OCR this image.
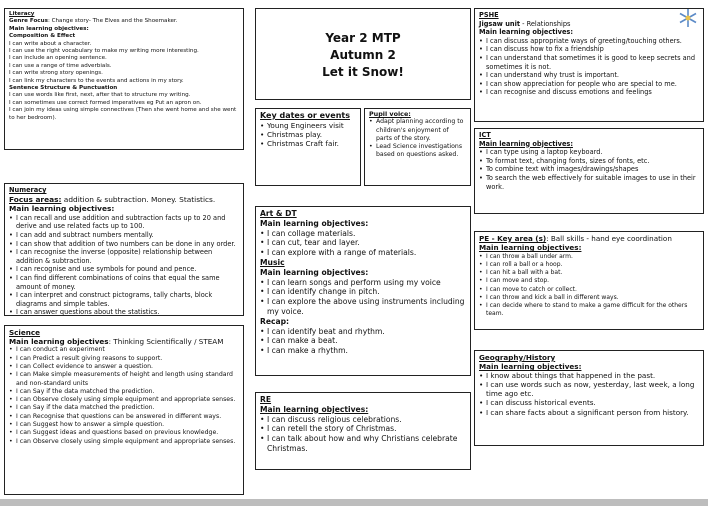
Literacy
Genre Focus: Change story- The Elves and the Shoemaker.
Main learning objectives:
Composition & Effect
I can write about a character.
I can use the right vocabulary to make my writing more interesting.
I can include an opening sentence.
I can use a range of time adverbials.
I can write strong story openings.
I can link my characters to the events and actions in my story.
Sentence Structure & Punctuation
I can use words like first, next, after that to structure my writing.
I can sometimes use correct formed imperatives eg Put an apron on.
I can join my ideas using simple connectives (Then she went home and she went to her bedroom).
Year 2 MTP
Autumn 2
Let it Snow!
Key dates or events
• Young Engineers visit
• Christmas play.
• Christmas Craft fair.
Pupil voice:
• Adapt planning according to children's enjoyment of parts of the story.
• Lead Science investigations based on questions asked.
PSHE
Jigsaw unit - Relationships
Main learning objectives:
• I can discuss appropriate ways of greeting/touching others.
• I can discuss how to fix a friendship
• I can understand that sometimes it is good to keep secrets and sometimes it is not.
• I can understand why trust is important.
• I can show appreciation for people who are special to me.
• I can recognise and discuss emotions and feelings
ICT
Main learning objectives:
• I can type using a laptop keyboard.
• To format text, changing fonts, sizes of fonts, etc.
• To combine text with images/drawings/shapes
• To search the web effectively for suitable images to use in their work.
Numeracy
Focus areas: addition & subtraction. Money. Statistics.
Main learning objectives:
• I can recall and use addition and subtraction facts up to 20 and derive and use related facts up to 100.
• I can add and subtract numbers mentally.
• I can show that addition of two numbers can be done in any order.
• I can recognise the inverse (opposite) relationship between addition & subtraction.
• I can recognise and use symbols for pound and pence.
• I can find different combinations of coins that equal the same amount of money.
• I can interpret and construct pictograms, tally charts, block diagrams and simple tables.
• I can answer questions about the statistics.
Art & DT
Main learning objectives:
• I can collage materials.
• I can cut, tear and layer.
• I can explore with a range of materials.
Music
Main learning objectives:
• I can learn songs and perform using my voice
• I can identify change in pitch.
• I can explore the above using instruments including my voice.
Recap:
• I can identify beat and rhythm.
• I can make a beat.
• I can make a rhythm.
PE - Key area (s): Ball skills - hand eye coordination
Main learning objectives:
• I can throw a ball under arm.
• I can roll a ball or a hoop.
• I can hit a ball with a bat.
• I can move and stop.
• I can move to catch or collect.
• I can throw and kick a ball in different ways.
• I can decide where to stand to make a game difficult for the others team.
Science
Main learning objectives: Thinking Scientifically / STEAM
• I can conduct an experiment
• I can Predict a result giving reasons to support.
• I can Collect evidence to answer a question.
• I can Make simple measurements of height and length using standard and non-standard units
• I can Say if the data matched the prediction.
• I can Observe closely using simple equipment and appropriate senses.
• I can Say if the data matched the prediction.
• I can Recognise that questions can be answered in different ways.
• I can Suggest how to answer a simple question.
• I can Suggest ideas and questions based on previous knowledge.
• I can Observe closely using simple equipment and appropriate senses.
RE
Main learning objectives:
• I can discuss religious celebrations.
• I can retell the story of Christmas.
• I can talk about how and why Christians celebrate Christmas.
Geography/History
Main learning objectives:
• I know about things that happened in the past.
• I can use words such as now, yesterday, last week, a long time ago etc.
• I can discuss historical events.
• I can share facts about a significant person from history.
